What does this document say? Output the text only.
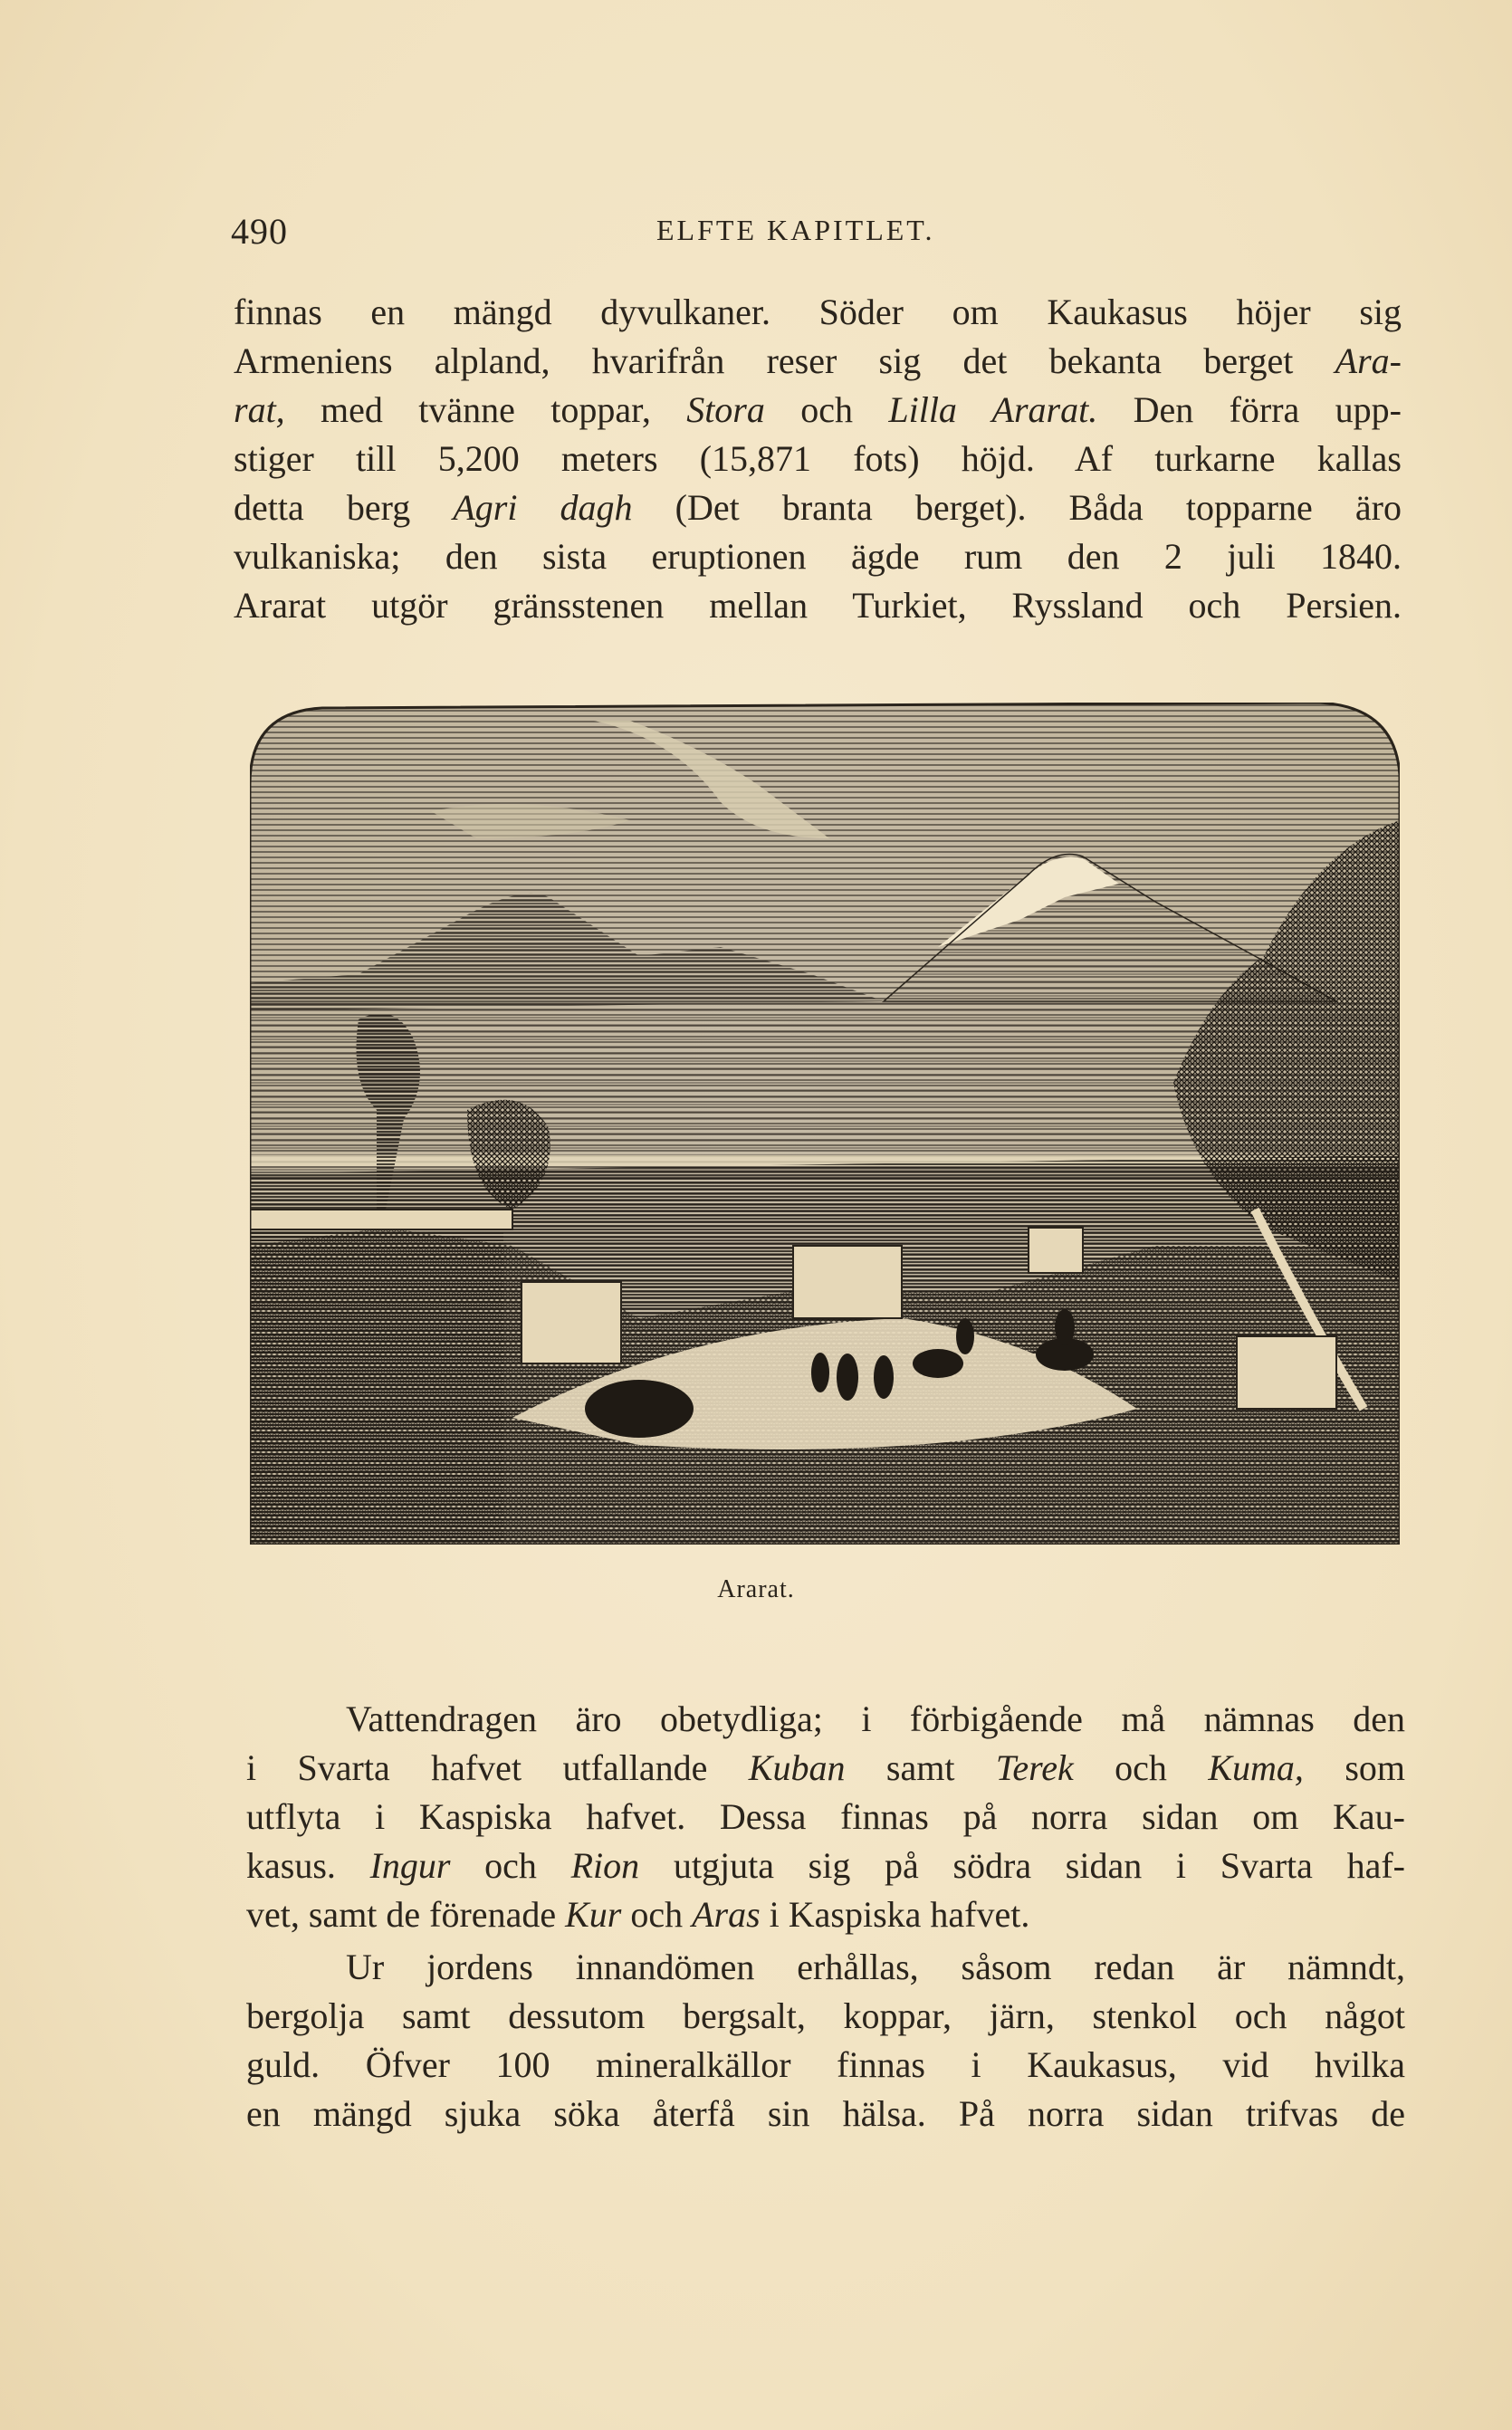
490	ELFTE KAPITLET.
finnas en mängd dyvulkaner. Söder om Kaukasus höjer sig
Armeniens alpland, hvarifrån reser sig det bekanta berget Ara-
rat, med tvänne toppar, Stora och Lilla Ararat. Den förra upp-
stiger till 5,200 meters (15,871 fots) höjd. Af turkarne kallas
detta berg Agri dagh (Det branta berget). Båda topparne äro
vulkaniska; den sista eruptionen ägde rum den 2 juli 1840.
Ararat utgör gränsstenen mellan Turkiet, Ryssland och Persien.
Ararat.
Vattendragen äro obetydliga; i förbigående må nämnas den
i Svarta hafvet utfallande Kuban samt Terek och Kuma, som
utflyta i Kaspiska hafvet. Dessa finnas på norra sidan om Kau-
kasus. Ingur och Rion utgjuta sig på södra sidan i Svarta haf-
vet, samt de förenade Kur och Aras i Kaspiska hafvet.
Ur jordens innandömen erhållas, såsom redan är nämndt,
bergolja samt dessutom bergsalt, koppar, järn, stenkol och något
guld. Öfver 100 mineralkällor finnas i Kaukasus, vid hvilka
en mängd sjuka söka återfå sin hälsa. På norra sidan trifvas de
